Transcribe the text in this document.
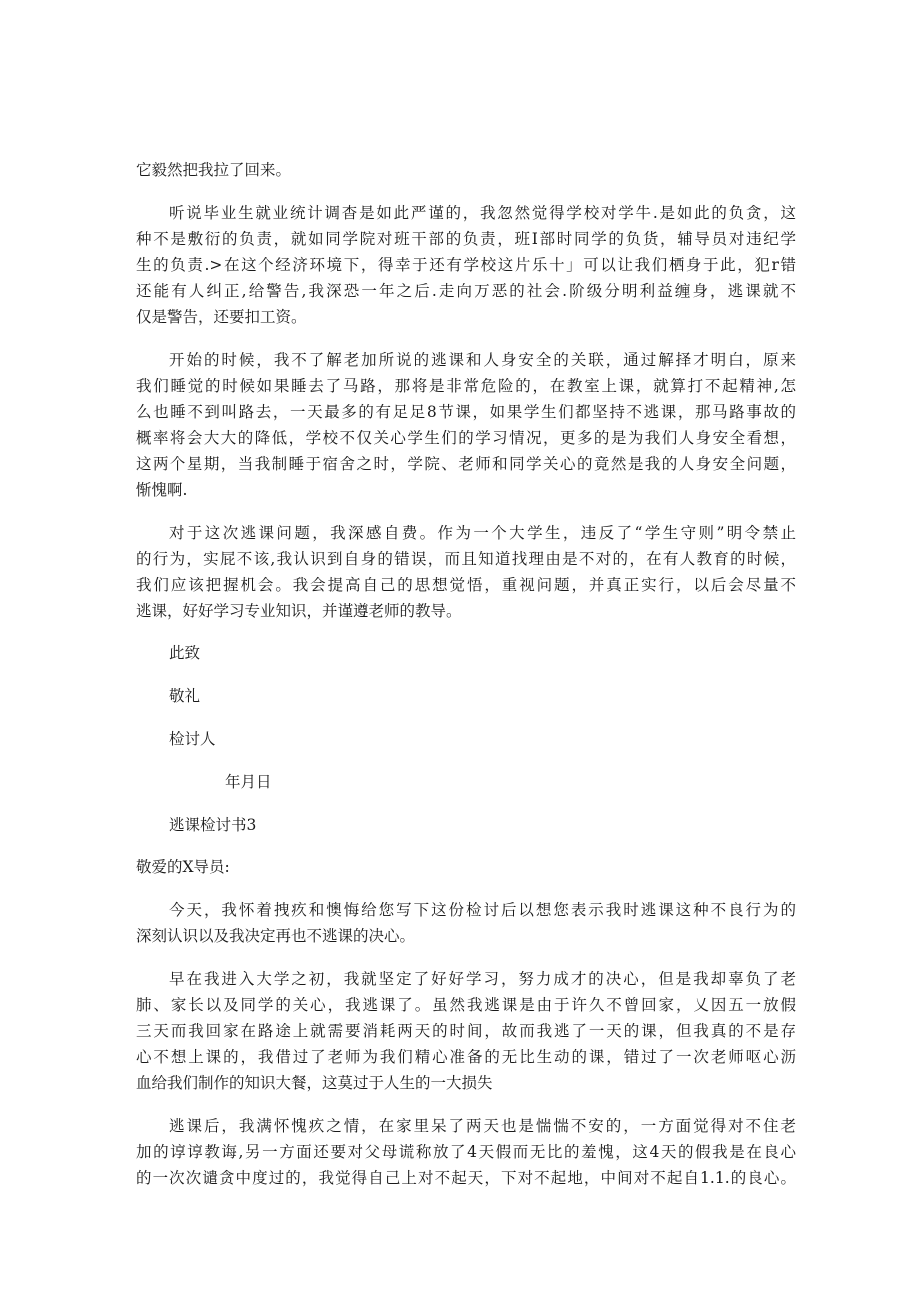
它毅然把我拉了回来。
听说毕业生就业统计调杳是如此严谨的，我忽然觉得学校对学牛.是如此的负贪，这
种不是敷衍的负责，就如同学院对班干部的负责，班I部时同学的负货，辅导员对违纪学
生的负责.>在这个经济环境下，得幸于还有学校这片乐十」可以让我们栖身于此，犯r错
还能有人纠正,给警告,我深恐一年之后.走向万恶的社会.阶级分明利益缠身，逃课就不
仅是警告，还要扣工资。
开始的时候，我不了解老加所说的逃课和人身安全的关联，通过解择才明白，原来
我们睡觉的时候如果睡去了马路，那将是非常危险的，在教室上课，就算打不起精神,怎
么也睡不到叫路去，一天最多的有足足8节课，如果学生们都坚持不逃课，那马路事故的
概率将会大大的降低，学校不仅关心学生们的学习情况，更多的是为我们人身安全看想，
这两个星期，当我制睡于宿舍之时，学院、老师和同学关心的竟然是我的人身安全问题，
惭愧啊.
对于这次逃课问题，我深感自费。作为一个大学生，违反了“学生守则”明令禁止
的行为，实屁不该,我认识到自身的错误，而且知道找理由是不对的，在有人教育的时候，
我们应该把握机会。我会提高自己的思想觉悟，重视问题，并真正实行，以后会尽量不
逃课，好好学习专业知识，并谨遵老师的教导。
此致
敬礼
检讨人
年月日
逃课检讨书3
敬爱的X导员:
今天，我怀着拽疚和懊悔给您写下这份检讨后以想您表示我时逃课这种不良行为的
深刻认识以及我决定再也不逃课的决心。
早在我进入大学之初，我就坚定了好好学习，努力成才的决心，但是我却辜负了老
肺、家长以及同学的关心，我逃课了。虽然我逃课是由于许久不曾回家，乂因五一放假
三天而我回家在路途上就需要消耗两天的时间，故而我逃了一天的课，但我真的不是存
心不想上课的，我借过了老师为我们精心准备的无比生动的课，错过了一次老师呕心沥
血给我们制作的知识大餐，这莫过于人生的一大损失
逃课后，我满怀愧疚之情，在家里呆了两天也是惴惴不安的，一方面觉得对不住老
加的谆谆教诲,另一方面还要对父母谎称放了4天假而无比的羞愧，这4天的假我是在良心
的一次次谴贪中度过的，我觉得自己上对不起天，下对不起地，中间对不起自1.1.的良心。
